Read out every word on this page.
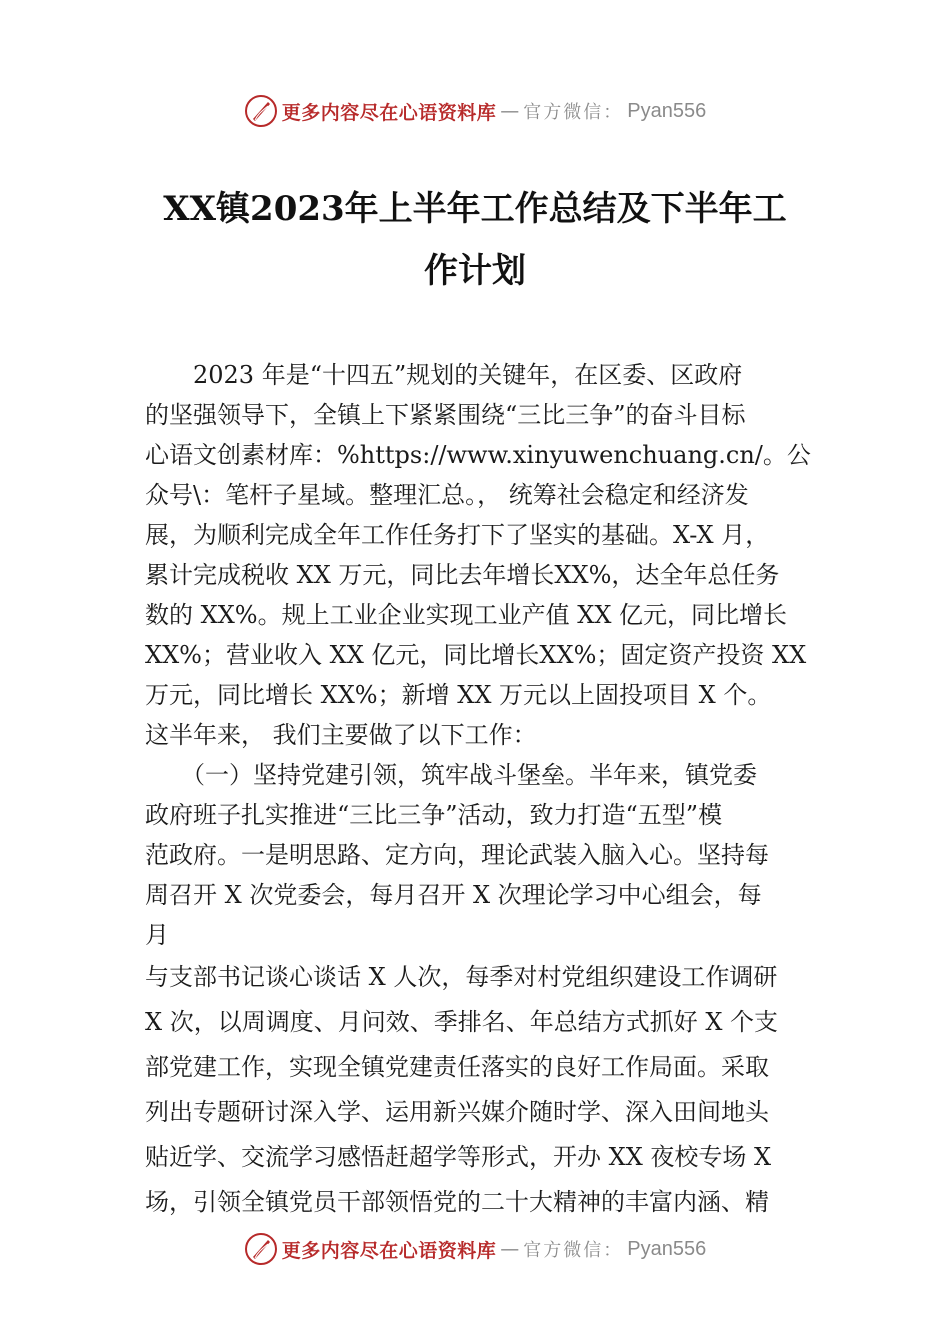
更多内容尽在心语资料库 — 官方微信： Pyan556
XX镇2023年上半年工作总结及下半年工
作计划
　　2023 年是“十四五”规划的关键年，在区委、区政府
的坚强领导下，全镇上下紧紧围绕“三比三争”的奋斗目标
心语文创素材库：%https://www.xinyuwenchuang.cn/。公
众号\：笔杆子星域。整理汇总。， 统筹社会稳定和经济发
展，为顺利完成全年工作任务打下了坚实的基础。X-X 月，
累计完成税收 XX 万元，同比去年增长XX%，达全年总任务
数的 XX%。规上工业企业实现工业产值 XX 亿元，同比增长
XX%；营业收入 XX 亿元，同比增长XX%；固定资产投资 XX
万元，同比增长 XX%；新增 XX 万元以上固投项目 X 个。
这半年来， 我们主要做了以下工作：
　　（一）坚持党建引领，筑牢战斗堡垒。半年来，镇党委
政府班子扎实推进“三比三争”活动，致力打造“五型”模
范政府。一是明思路、定方向，理论武装入脑入心。坚持每
周召开 X 次党委会，每月召开 X 次理论学习中心组会，每
月
与支部书记谈心谈话 X 人次，每季对村党组织建设工作调研
X 次，以周调度、月问效、季排名、年总结方式抓好 X 个支
部党建工作，实现全镇党建责任落实的良好工作局面。采取
列出专题研讨深入学、运用新兴媒介随时学、深入田间地头
贴近学、交流学习感悟赶超学等形式，开办 XX 夜校专场 X
场，引领全镇党员干部领悟党的二十大精神的丰富内涵、精
更多内容尽在心语资料库 — 官方微信： Pyan556
